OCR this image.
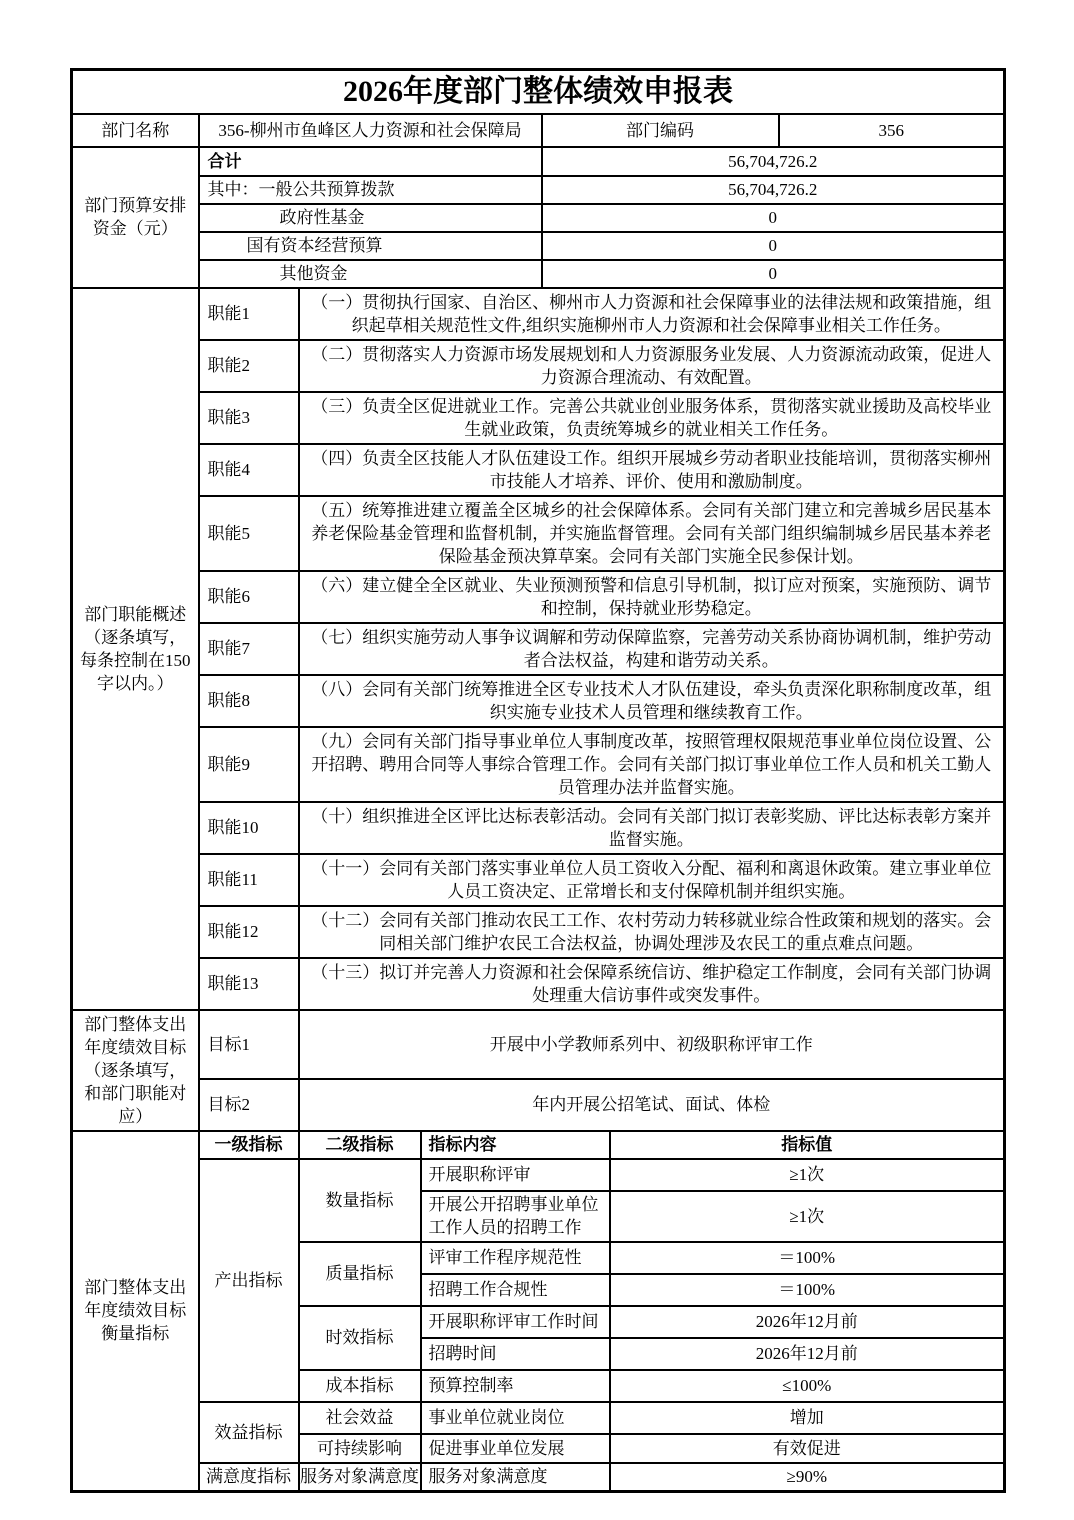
2026年度部门整体绩效申报表						
部门名称	356-柳州市鱼峰区人力资源和社会保障局			部门编码		356
部门预算安排资金（元）	合计			56,704,726.2		
	其中：一般公共预算拨款			56,704,726.2		
	政府性基金			0		
	国有资本经营预算			0		
	其他资金			0		
部门职能概述（逐条填写，每条控制在150字以内。）	职能1	（一）贯彻执行国家、自治区、柳州市人力资源和社会保障事业的法律法规和政策措施，组织起草相关规范性文件,组织实施柳州市人力资源和社会保障事业相关工作任务。				
	职能2	（二）贯彻落实人力资源市场发展规划和人力资源服务业发展、人力资源流动政策，促进人力资源合理流动、有效配置。				
	职能3	（三）负责全区促进就业工作。完善公共就业创业服务体系，贯彻落实就业援助及高校毕业生就业政策，负责统筹城乡的就业相关工作任务。				
	职能4	（四）负责全区技能人才队伍建设工作。组织开展城乡劳动者职业技能培训，贯彻落实柳州市技能人才培养、评价、使用和激励制度。				
	职能5	（五）统筹推进建立覆盖全区城乡的社会保障体系。会同有关部门建立和完善城乡居民基本养老保险基金管理和监督机制，并实施监督管理。会同有关部门组织编制城乡居民基本养老保险基金预决算草案。会同有关部门实施全民参保计划。				
	职能6	（六）建立健全全区就业、失业预测预警和信息引导机制，拟订应对预案，实施预防、调节和控制，保持就业形势稳定。				
	职能7	（七）组织实施劳动人事争议调解和劳动保障监察，完善劳动关系协商协调机制，维护劳动者合法权益，构建和谐劳动关系。				
	职能8	（八）会同有关部门统筹推进全区专业技术人才队伍建设，牵头负责深化职称制度改革，组织实施专业技术人员管理和继续教育工作。				
	职能9	（九）会同有关部门指导事业单位人事制度改革，按照管理权限规范事业单位岗位设置、公开招聘、聘用合同等人事综合管理工作。会同有关部门拟订事业单位工作人员和机关工勤人员管理办法并监督实施。				
	职能10	（十）组织推进全区评比达标表彰活动。会同有关部门拟订表彰奖励、评比达标表彰方案并监督实施。				
	职能11	（十一）会同有关部门落实事业单位人员工资收入分配、福利和离退休政策。建立事业单位人员工资决定、正常增长和支付保障机制并组织实施。				
	职能12	（十二）会同有关部门推动农民工工作、农村劳动力转移就业综合性政策和规划的落实。会同相关部门维护农民工合法权益，协调处理涉及农民工的重点难点问题。				
	职能13	（十三）拟订并完善人力资源和社会保障系统信访、维护稳定工作制度，会同有关部门协调处理重大信访事件或突发事件。				
部门整体支出年度绩效目标（逐条填写，和部门职能对应）	目标1	开展中小学教师系列中、初级职称评审工作				
	目标2	年内开展公招笔试、面试、体检				
部门整体支出年度绩效目标衡量指标	一级指标	二级指标	指标内容		指标值	
	产出指标	数量指标	开展职称评审		≥1次	
			开展公开招聘事业单位工作人员的招聘工作		≥1次	
		质量指标	评审工作程序规范性		＝100%	
			招聘工作合规性		＝100%	
		时效指标	开展职称评审工作时间		2026年12月前	
			招聘时间		2026年12月前	
		成本指标	预算控制率		≤100%	
	效益指标	社会效益	事业单位就业岗位		增加	
		可持续影响	促进事业单位发展		有效促进	
	满意度指标	服务对象满意度	服务对象满意度		≥90%	
